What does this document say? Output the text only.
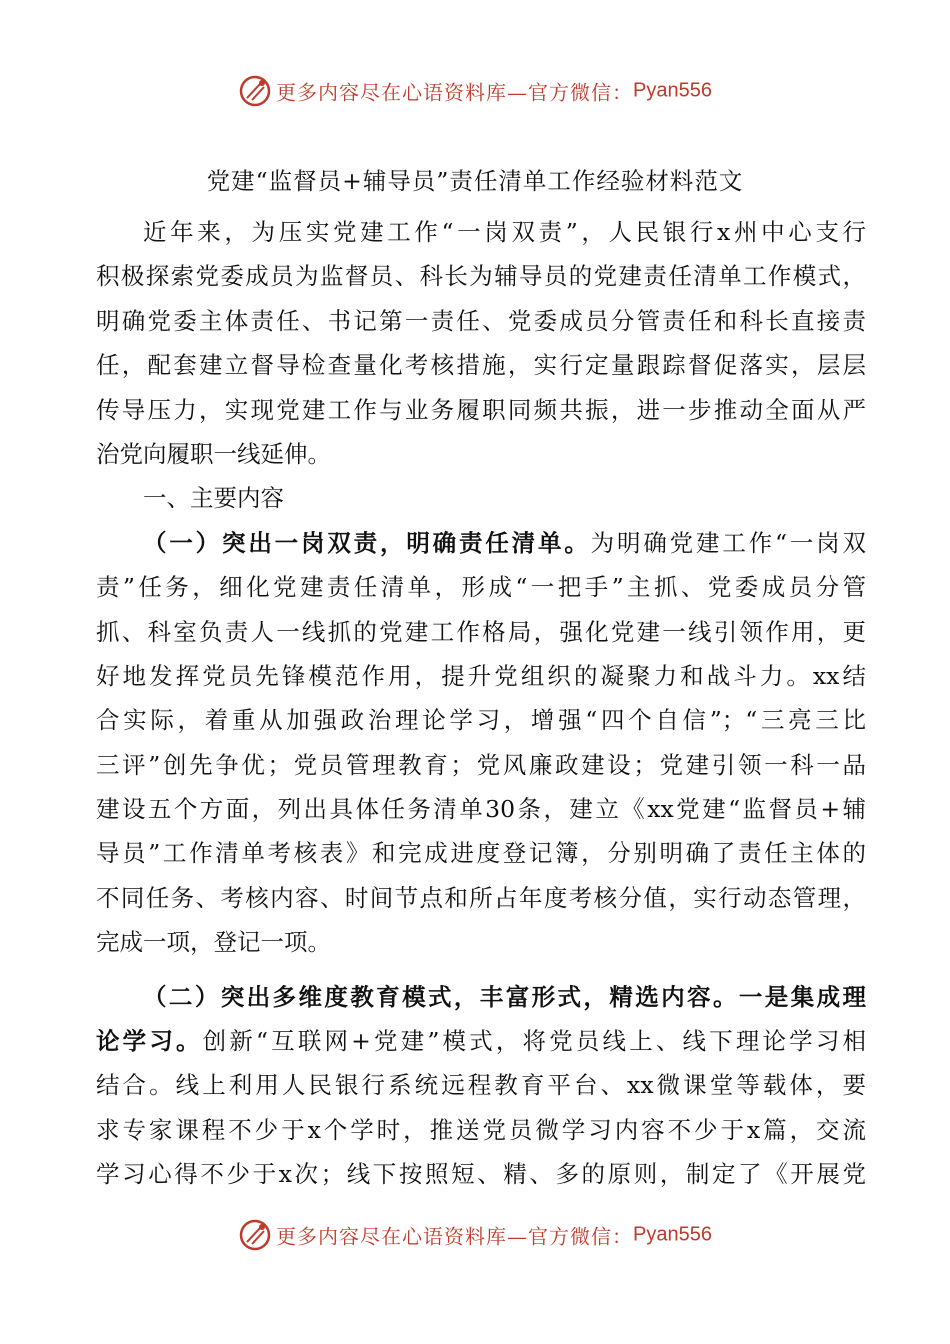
更多内容尽在心语资料库—官方微信：Pyan556
党建“监督员+辅导员”责任清单工作经验材料范文
近年来，为压实党建工作“一岗双责”，人民银行x州中心支行
积极探索党委成员为监督员、科长为辅导员的党建责任清单工作模式，
明确党委主体责任、书记第一责任、党委成员分管责任和科长直接责
任，配套建立督导检查量化考核措施，实行定量跟踪督促落实，层层
传导压力，实现党建工作与业务履职同频共振，进一步推动全面从严
治党向履职一线延伸。
一、主要内容
（一）突出一岗双责，明确责任清单。为明确党建工作“一岗双
责”任务，细化党建责任清单，形成“一把手”主抓、党委成员分管
抓、科室负责人一线抓的党建工作格局，强化党建一线引领作用，更
好地发挥党员先锋模范作用，提升党组织的凝聚力和战斗力。xx结
合实际，着重从加强政治理论学习，增强“四个自信”；“三亮三比
三评”创先争优；党员管理教育；党风廉政建设；党建引领一科一品
建设五个方面，列出具体任务清单30条，建立《xx党建“监督员+辅
导员”工作清单考核表》和完成进度登记簿，分别明确了责任主体的
不同任务、考核内容、时间节点和所占年度考核分值，实行动态管理，
完成一项，登记一项。
（二）突出多维度教育模式，丰富形式，精选内容。一是集成理
论学习。创新“互联网+党建”模式，将党员线上、线下理论学习相
结合。线上利用人民银行系统远程教育平台、xx微课堂等载体，要
求专家课程不少于x个学时，推送党员微学习内容不少于x篇，交流
学习心得不少于x次；线下按照短、精、多的原则，制定了《开展党
更多内容尽在心语资料库—官方微信：Pyan556
